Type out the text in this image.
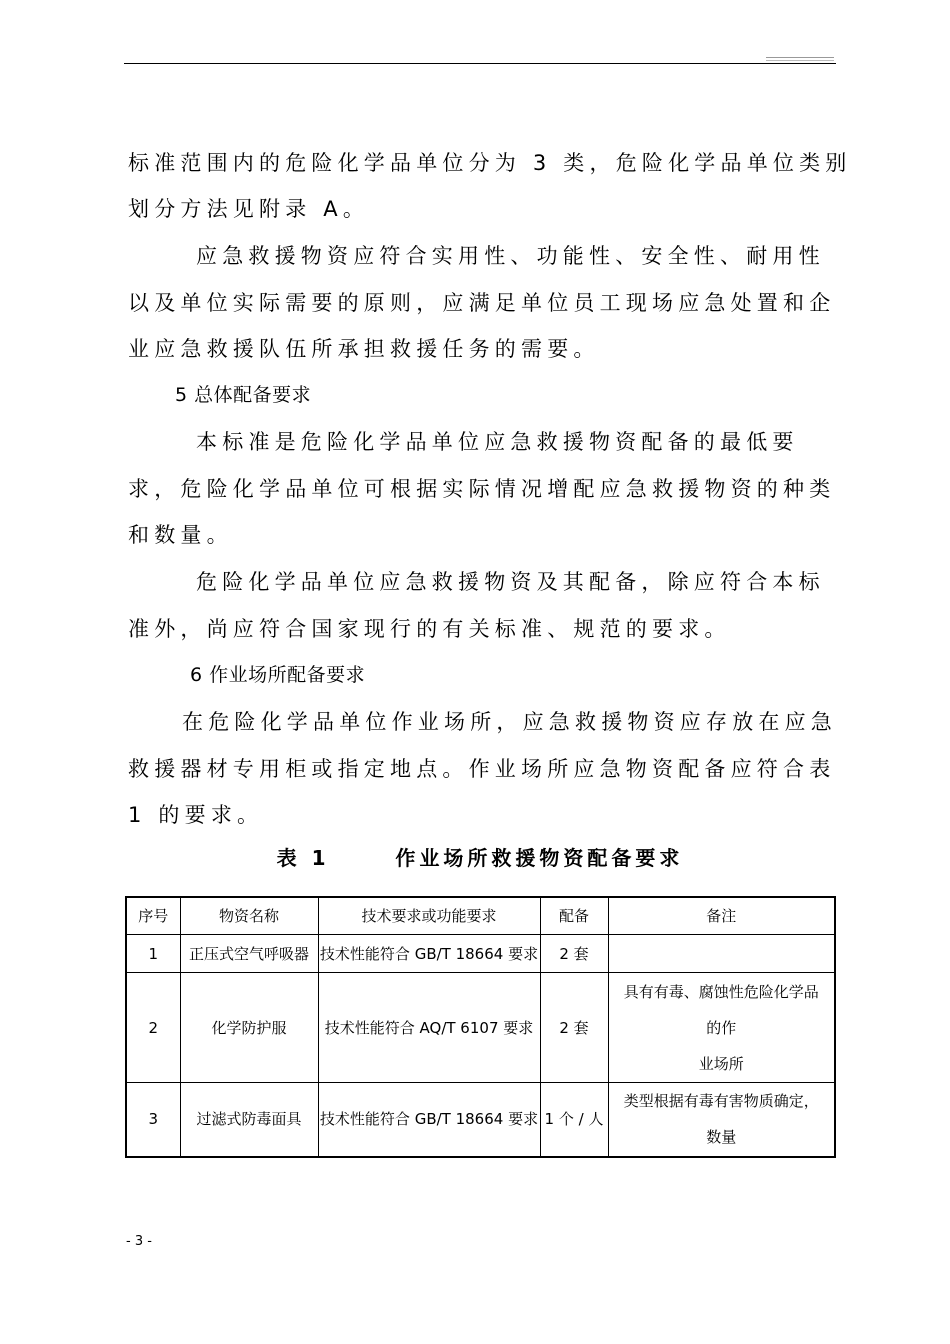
标准范围内的危险化学品单位分为 3 类，危险化学品单位类别

划分方法见附录 A。

应急救援物资应符合实用性、功能性、安全性、耐用性

以及单位实际需要的原则，应满足单位员工现场应急处置和企

业应急救援队伍所承担救援任务的需要。

5 总体配备要求

本标准是危险化学品单位应急救援物资配备的最低要

求，危险化学品单位可根据实际情况增配应急救援物资的种类

和数量。

危险化学品单位应急救援物资及其配备，除应符合本标

准外，尚应符合国家现行的有关标准、规范的要求。

6 作业场所配备要求

在危险化学品单位作业场所，应急救援物资应存放在应急

救援器材专用柜或指定地点。作业场所应急物资配备应符合表

1 的要求。

表 1      作业场所救援物资配备要求

序号	物资名称	技术要求或功能要求	配备	备注
1	正压式空气呼吸器	技术性能符合 GB/T 18664 要求	2 套	
2	化学防护服	技术性能符合 AQ/T 6107 要求	2 套	具有有毒、腐蚀性危险化学品
的作
业场所

3	过滤式防毒面具	技术性能符合 GB/T 18664 要求	1 个 / 人	类型根据有毒有害物质确定，
数量
- 3 -
